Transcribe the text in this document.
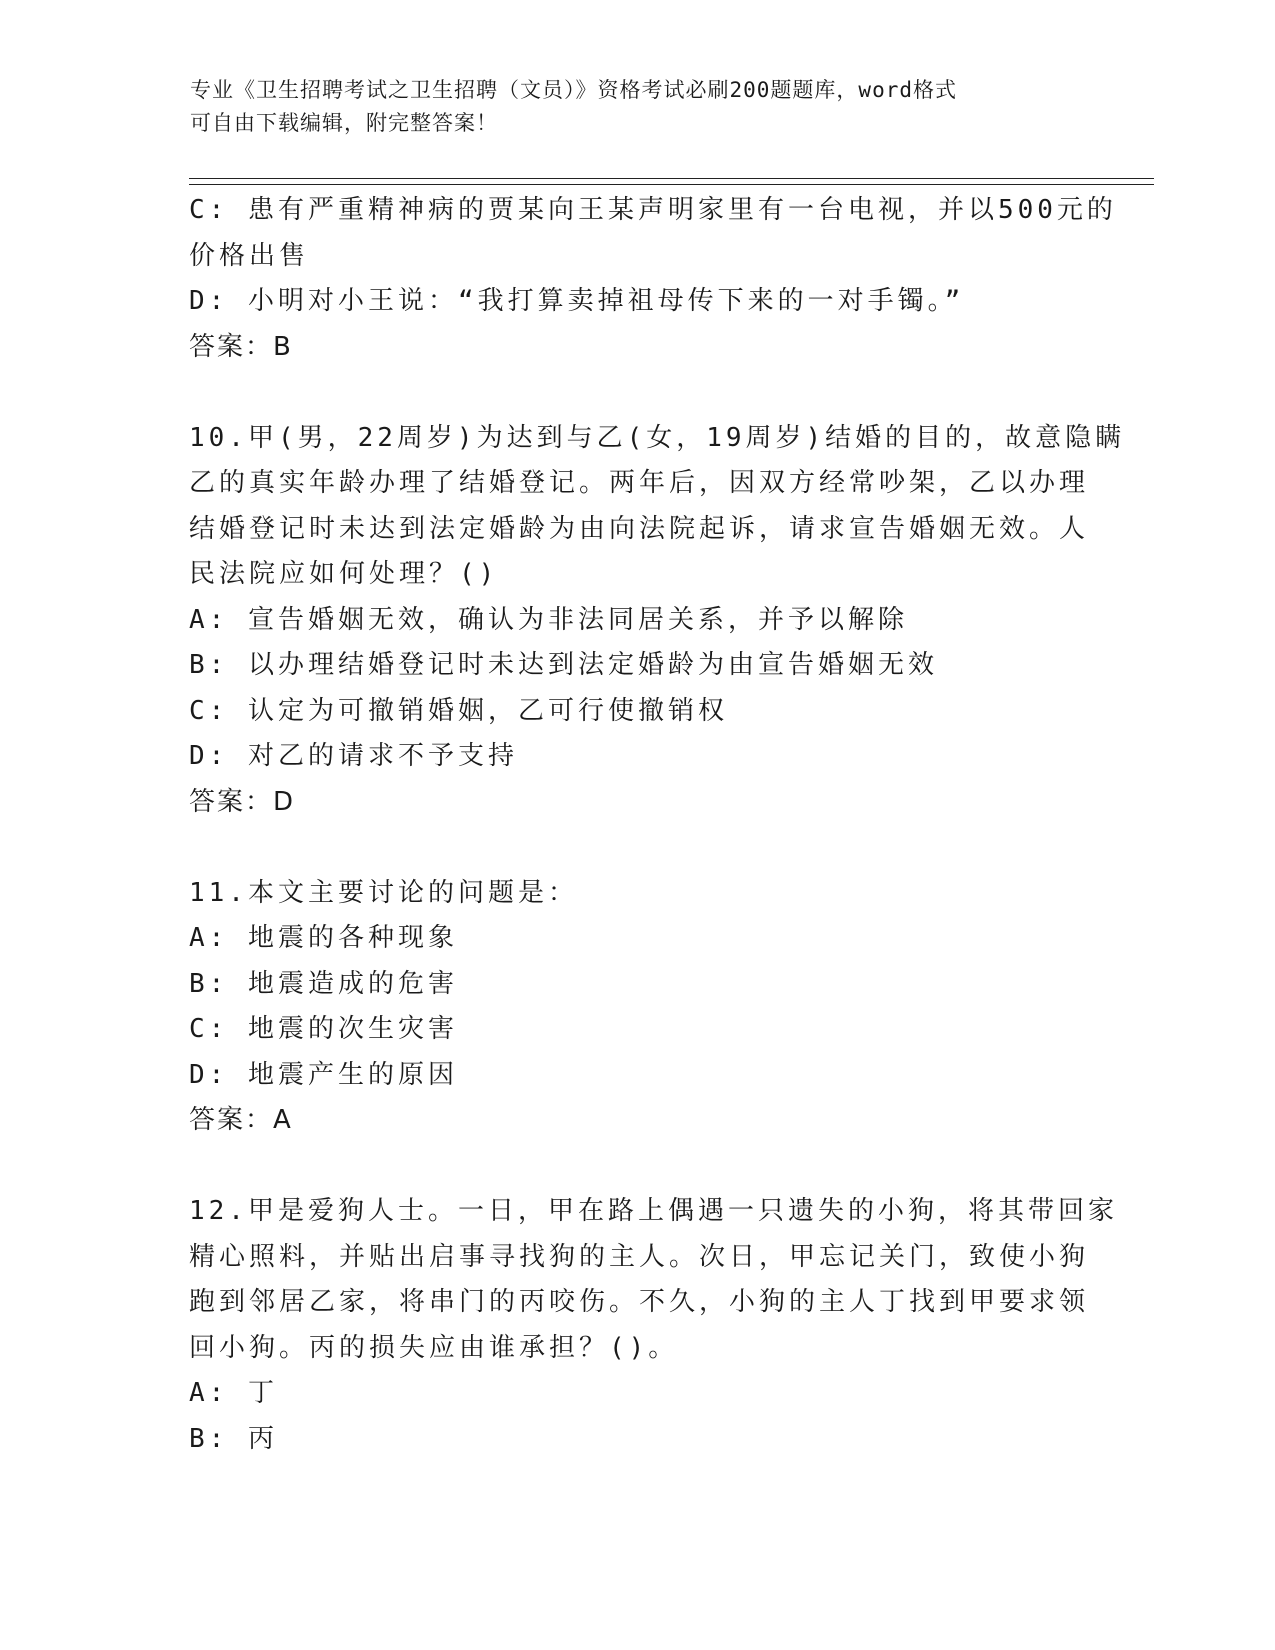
专业《卫生招聘考试之卫生招聘（文员）》资格考试必刷200题题库，word格式
可自由下载编辑，附完整答案！
C: 患有严重精神病的贾某向王某声明家里有一台电视，并以500元的
价格出售
D: 小明对小王说：“我打算卖掉祖母传下来的一对手镯。”
答案：B
10.甲(男，22周岁)为达到与乙(女，19周岁)结婚的目的，故意隐瞒
乙的真实年龄办理了结婚登记。两年后，因双方经常吵架，乙以办理
结婚登记时未达到法定婚龄为由向法院起诉，请求宣告婚姻无效。人
民法院应如何处理？()
A: 宣告婚姻无效，确认为非法同居关系，并予以解除
B: 以办理结婚登记时未达到法定婚龄为由宣告婚姻无效
C: 认定为可撤销婚姻，乙可行使撤销权
D: 对乙的请求不予支持
答案：D
11.本文主要讨论的问题是：
A: 地震的各种现象
B: 地震造成的危害
C: 地震的次生灾害
D: 地震产生的原因
答案：A
12.甲是爱狗人士。一日，甲在路上偶遇一只遗失的小狗，将其带回家
精心照料，并贴出启事寻找狗的主人。次日，甲忘记关门，致使小狗
跑到邻居乙家，将串门的丙咬伤。不久，小狗的主人丁找到甲要求领
回小狗。丙的损失应由谁承担？()。
A: 丁
B: 丙
